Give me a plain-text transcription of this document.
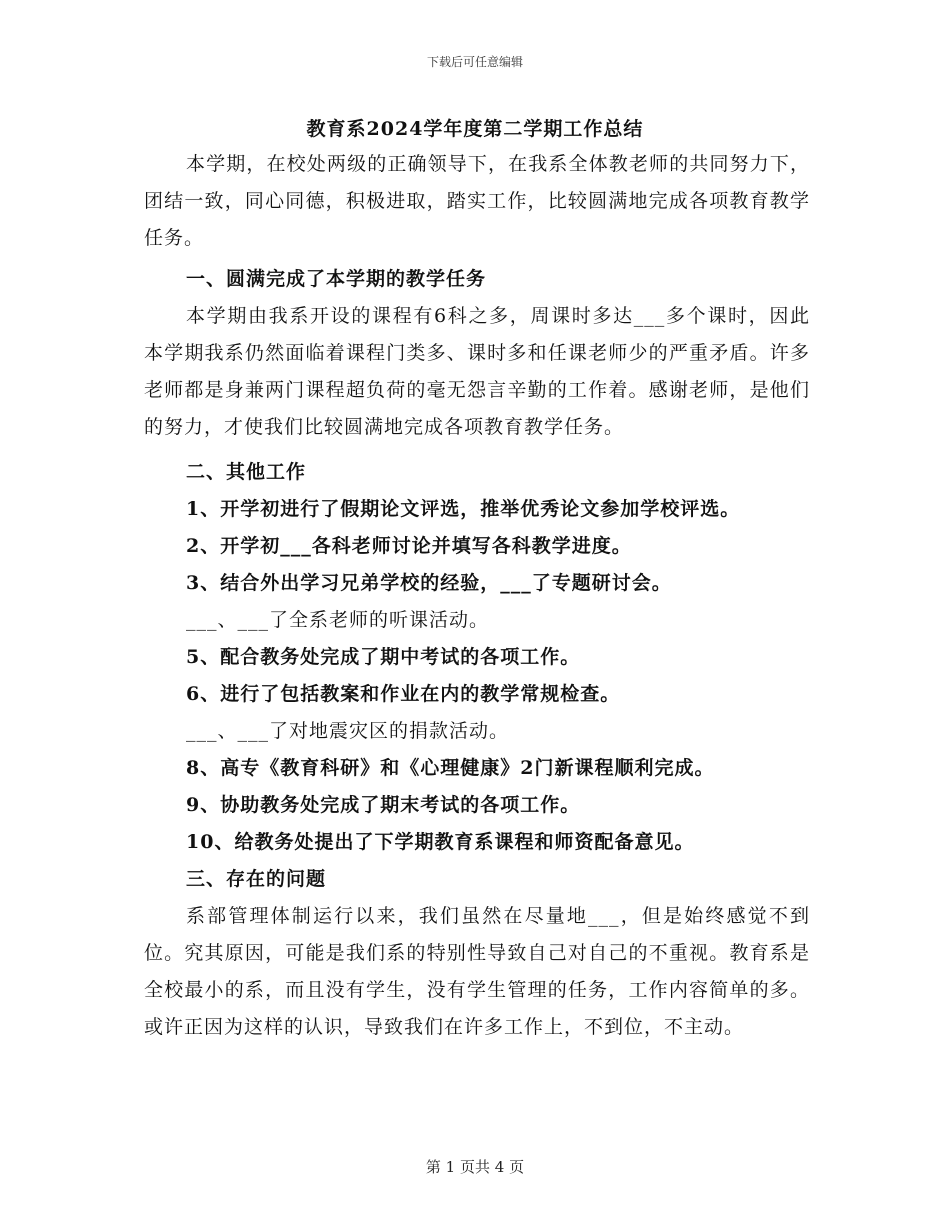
下载后可任意编辑
教育系2024学年度第二学期工作总结

本学期，在校处两级的正确领导下，在我系全体教老师的共同努力下，团结一致，同心同德，积极进取，踏实工作，比较圆满地完成各项教育教学任务。

一、圆满完成了本学期的教学任务

本学期由我系开设的课程有6科之多，周课时多达___多个课时，因此本学期我系仍然面临着课程门类多、课时多和任课老师少的严重矛盾。许多老师都是身兼两门课程超负荷的毫无怨言辛勤的工作着。感谢老师，是他们的努力，才使我们比较圆满地完成各项教育教学任务。

二、其他工作

1、开学初进行了假期论文评选，推举优秀论文参加学校评选。

2、开学初___各科老师讨论并填写各科教学进度。

3、结合外出学习兄弟学校的经验，___了专题研讨会。

___、___了全系老师的听课活动。

5、配合教务处完成了期中考试的各项工作。

6、进行了包括教案和作业在内的教学常规检查。

___、___了对地震灾区的捐款活动。

8、高专《教育科研》和《心理健康》2门新课程顺利完成。

9、协助教务处完成了期末考试的各项工作。

10、给教务处提出了下学期教育系课程和师资配备意见。

三、存在的问题

系部管理体制运行以来，我们虽然在尽量地___，但是始终感觉不到位。究其原因，可能是我们系的特别性导致自己对自己的不重视。教育系是全校最小的系，而且没有学生，没有学生管理的任务，工作内容简单的多。或许正因为这样的认识，导致我们在许多工作上，不到位，不主动。

第 1 页共 4 页
